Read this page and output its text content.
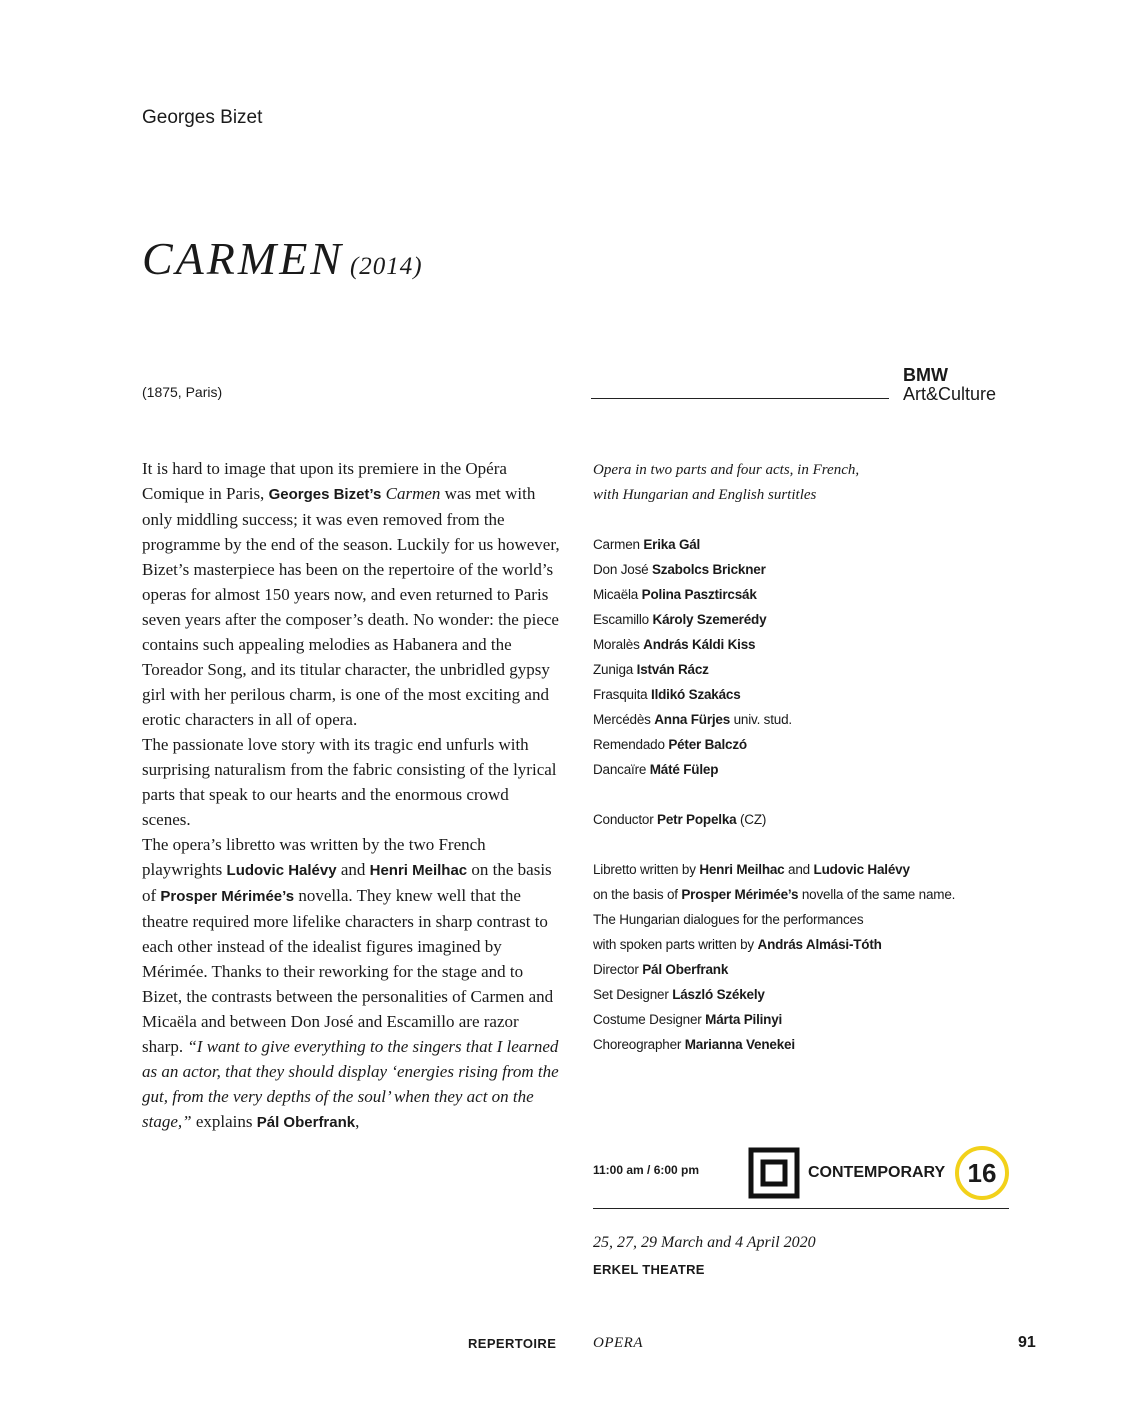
Georges Bizet
CARMEN (2014)
(1875, Paris)
BMW
Art&Culture

It is hard to image that upon its premiere in the Opéra Comique in Paris, Georges Bizet’s Carmen was met with only middling success; it was even removed from the programme by the end of the season. Luckily for us however, Bizet’s masterpiece has been on the repertoire of the world’s operas for almost 150 years now, and even returned to Paris seven years after the composer’s death. No wonder: the piece contains such appealing melodies as Habanera and the Toreador Song, and its titular character, the unbridled gypsy girl with her perilous charm, is one of the most exciting and erotic characters in all of opera.

The passionate love story with its tragic end unfurls with surprising naturalism from the fabric consisting of the lyrical parts that speak to our hearts and the enormous crowd scenes.

The opera’s libretto was written by the two French playwrights Ludovic Halévy and Henri Meilhac on the basis of Prosper Mérimée’s novella. They knew well that the theatre required more lifelike characters in sharp contrast to each other instead of the idealist figures imagined by Mérimée. Thanks to their reworking for the stage and to Bizet, the contrasts between the personalities of Carmen and Micaëla and between Don José and Escamillo are razor sharp. “I want to give everything to the singers that I learned as an actor, that they should display ‘energies rising from the gut, from the very depths of the soul’ when they act on the stage,” explains Pál Oberfrank,

Opera in two parts and four acts, in French,
with Hungarian and English surtitles
Carmen Erika Gál
Don José Szabolcs Brickner
Micaëla Polina Pasztircsák
Escamillo Károly Szemerédy
Moralès András Káldi Kiss
Zuniga István Rácz
Frasquita Ildikó Szakács
Mercédès Anna Fürjes univ. stud.
Remendado Péter Balczó
Dancaïre Máté Fülep
Conductor Petr Popelka (CZ)
Libretto written by Henri Meilhac and Ludovic Halévy
on the basis of Prosper Mérimée’s novella of the same name.
The Hungarian dialogues for the performances
with spoken parts written by András Almási-Tóth
Director Pál Oberfrank
Set Designer László Székely
Costume Designer Márta Pilinyi
Choreographer Marianna Venekei
11:00 am / 6:00 pm	CONTEMPORARY 16
25, 27, 29 March and 4 April 2020
ERKEL THEATRE
REPERTOIRE OPERA	91
